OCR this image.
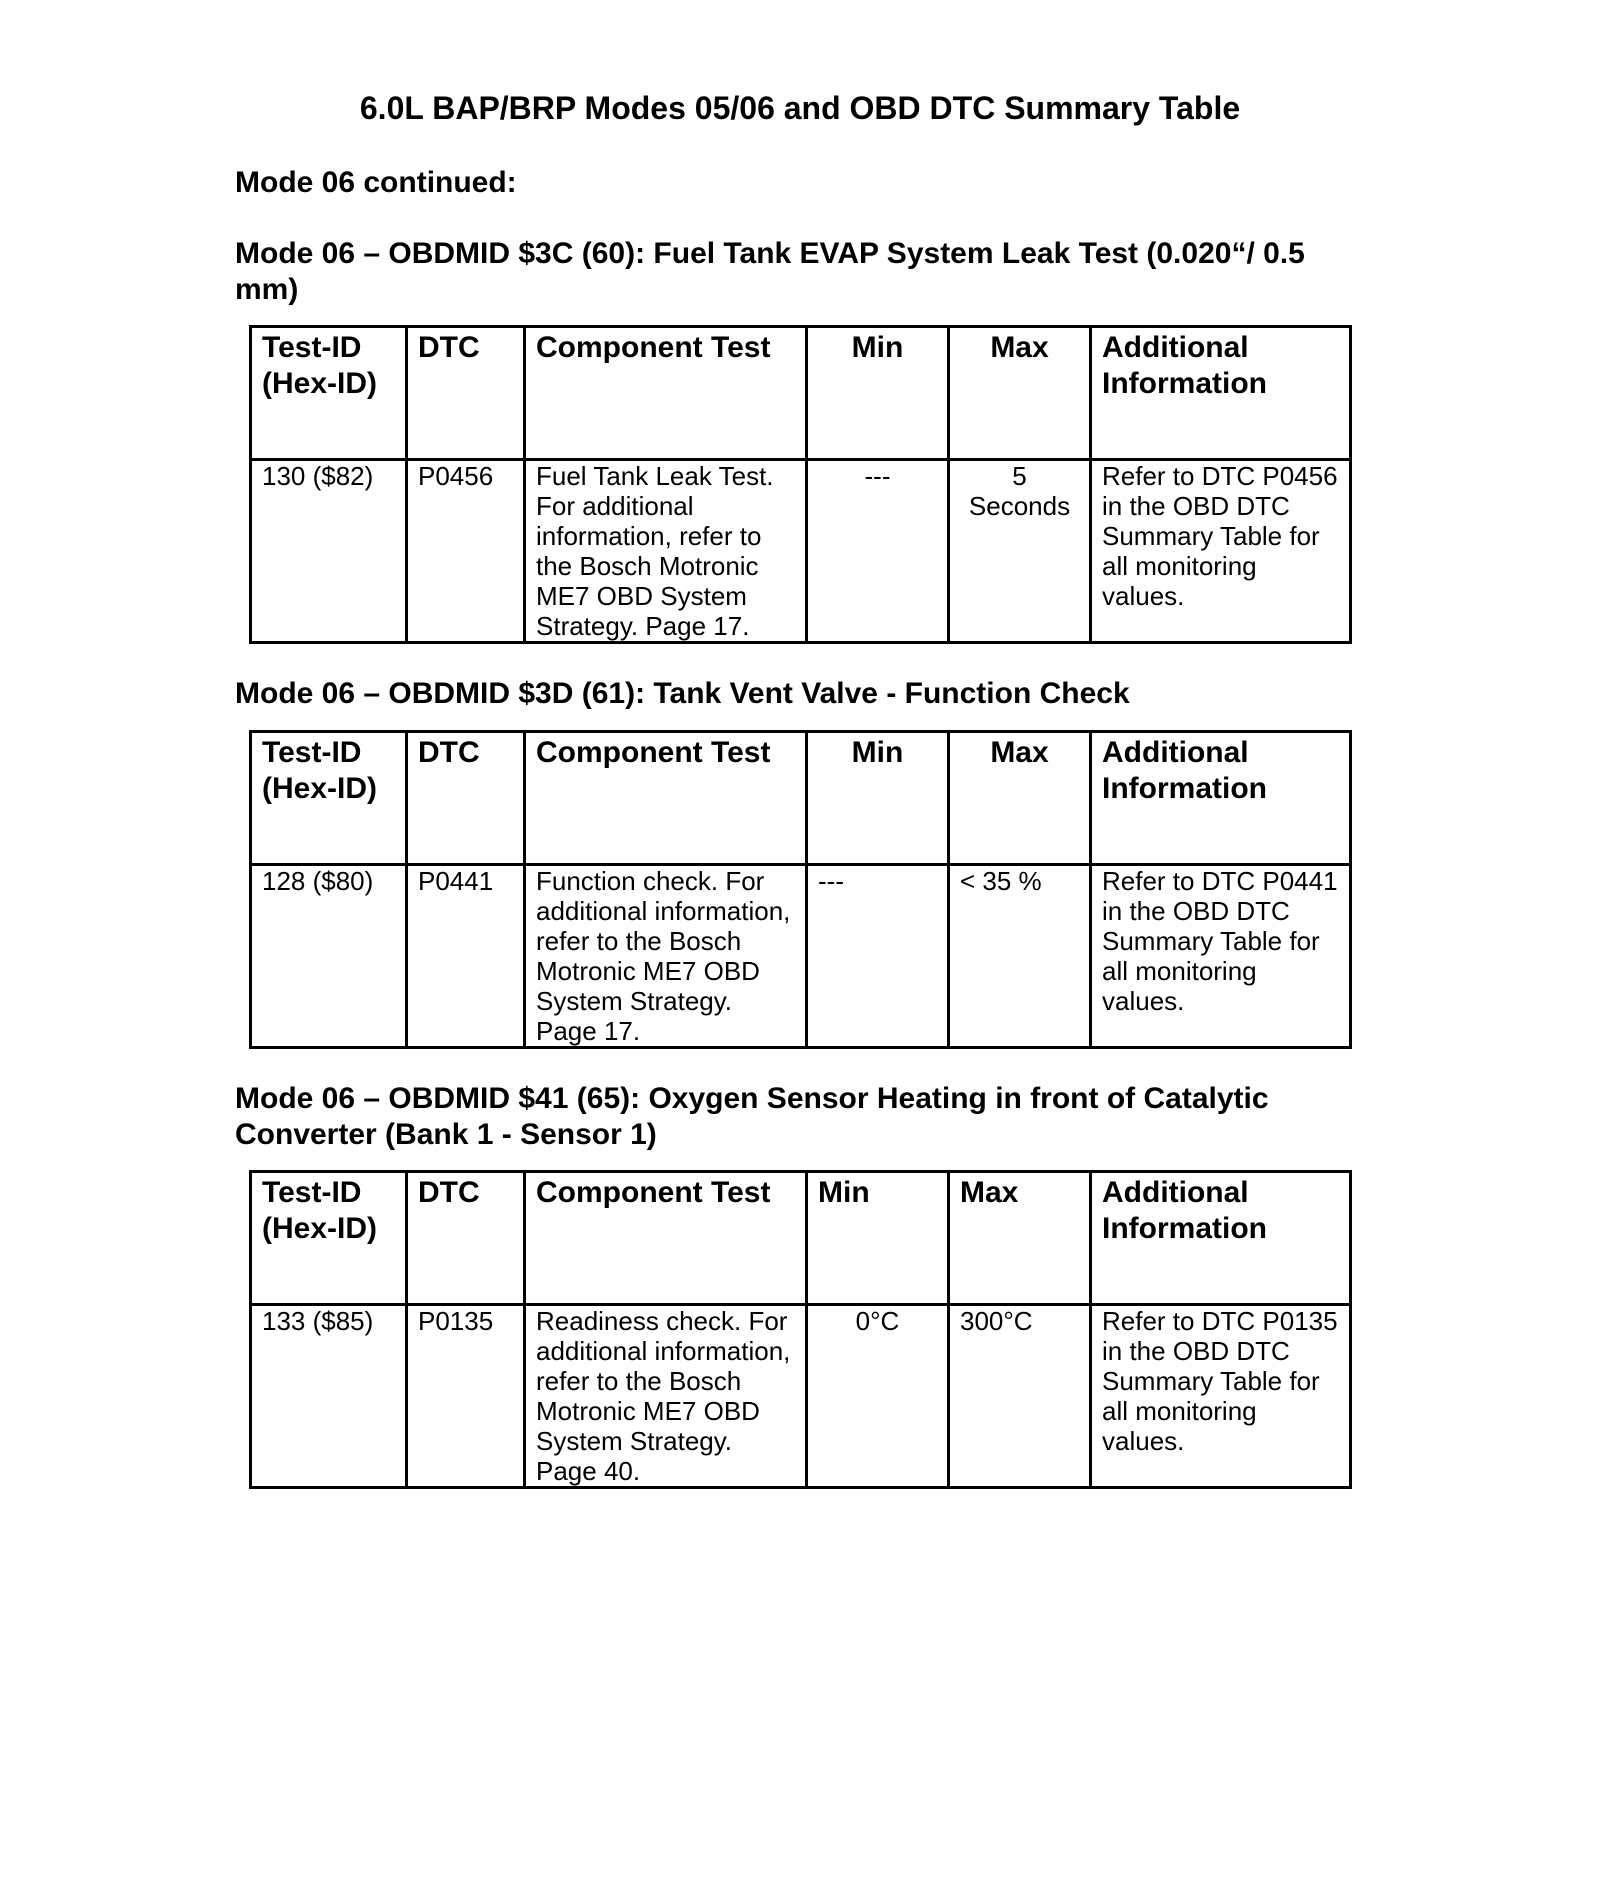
6.0L BAP/BRP Modes 05/06 and OBD DTC Summary Table
Mode 06 continued:
Mode 06 – OBDMID $3C (60): Fuel Tank EVAP System Leak Test (0.020“/ 0.5 mm)
Test-ID (Hex-ID)	DTC	Component Test	Min	Max	Additional Information
130 ($82)	P0456	Fuel Tank Leak Test. For additional information, refer to the Bosch Motronic ME7 OBD System Strategy. Page 17.	---	5 Seconds	Refer to DTC P0456 in the OBD DTC Summary Table for all monitoring values.
Mode 06 – OBDMID $3D (61): Tank Vent Valve - Function Check
Test-ID (Hex-ID)	DTC	Component Test	Min	Max	Additional Information
128 ($80)	P0441	Function check. For additional information, refer to the Bosch Motronic ME7 OBD System Strategy. Page 17.	---	< 35 %	Refer to DTC P0441 in the OBD DTC Summary Table for all monitoring values.
Mode 06 – OBDMID $41 (65): Oxygen Sensor Heating in front of Catalytic Converter (Bank 1 - Sensor 1)
Test-ID (Hex-ID)	DTC	Component Test	Min	Max	Additional Information
133 ($85)	P0135	Readiness check. For additional information, refer to the Bosch Motronic ME7 OBD System Strategy. Page 40.	0°C	300°C	Refer to DTC P0135 in the OBD DTC Summary Table for all monitoring values.
